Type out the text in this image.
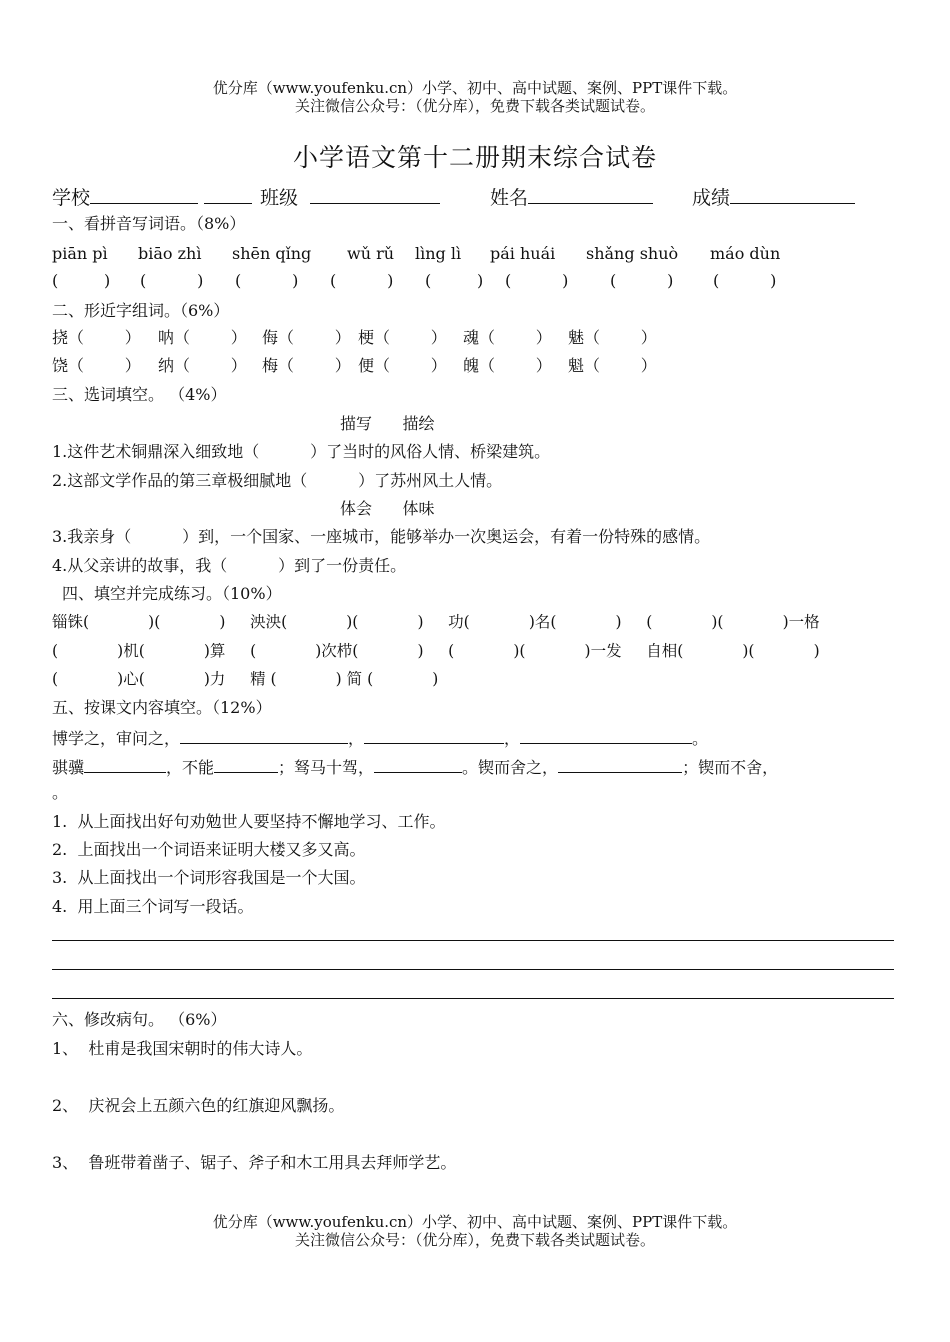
优分库（www.youfenku.cn）小学、初中、高中试题、案例、PPT课件下载。
关注微信公众号：（优分库），免费下载各类试题试卷。
小学语文第十二册期末综合试卷
学校	班级	姓名	成绩
一、看拼音写词语。（8%）
piān pì biāo zhì shēn qǐng wǔ rǔ lìng lì pái huái shǎng shuò máo dùn
(         ) (          ) (          ) (          ) (         ) (          )	(          ) (          )
二、形近字组词。（6%）
挠（        ） 呐（        ） 侮（        ） 梗（        ） 魂（        ） 魅（        ）
饶（        ） 纳（        ） 梅（        ） 便（        ） 魄（        ） 魁（        ）
三、选词填空。 （4%）
描写      描绘
1.这件艺术铜鼎深入细致地（          ）了当时的风俗人情、桥梁建筑。
2.这部文学作品的第三章极细腻地（          ）了苏州风土人情。
体会      体味
3.我亲身（          ）到，一个国家、一座城市，能够举办一次奥运会，有着一份特殊的感情。
4.从父亲讲的故事，我（          ）到了一份责任。
四、填空并完成练习。（10%）
锱铢(            )(            )     泱泱(            )(            )     功(            )名(            )     (            )(            )一格
(            )机(            )算     (            )次栉(            )     (            )(            )一发     自相(            )(            )
(            )心(            )力     精 (            ) 简 (            )
五、按课文内容填空。（12%）
博学之，审问之，	，	，	。
骐骥	，不能	；驽马十驾，	。锲而舍之，	；锲而不舍，
。
1.  从上面找出好句劝勉世人要坚持不懈地学习、工作。
2.  上面找出一个词语来证明大楼又多又高。
3.  从上面找出一个词形容我国是一个大国。
4.  用上面三个词写一段话。
六、修改病句。 （6%）
1、  杜甫是我国宋朝时的伟大诗人。
2、  庆祝会上五颜六色的红旗迎风飘扬。
3、  鲁班带着凿子、锯子、斧子和木工用具去拜师学艺。
优分库（www.youfenku.cn）小学、初中、高中试题、案例、PPT课件下载。
关注微信公众号：（优分库），免费下载各类试题试卷。
